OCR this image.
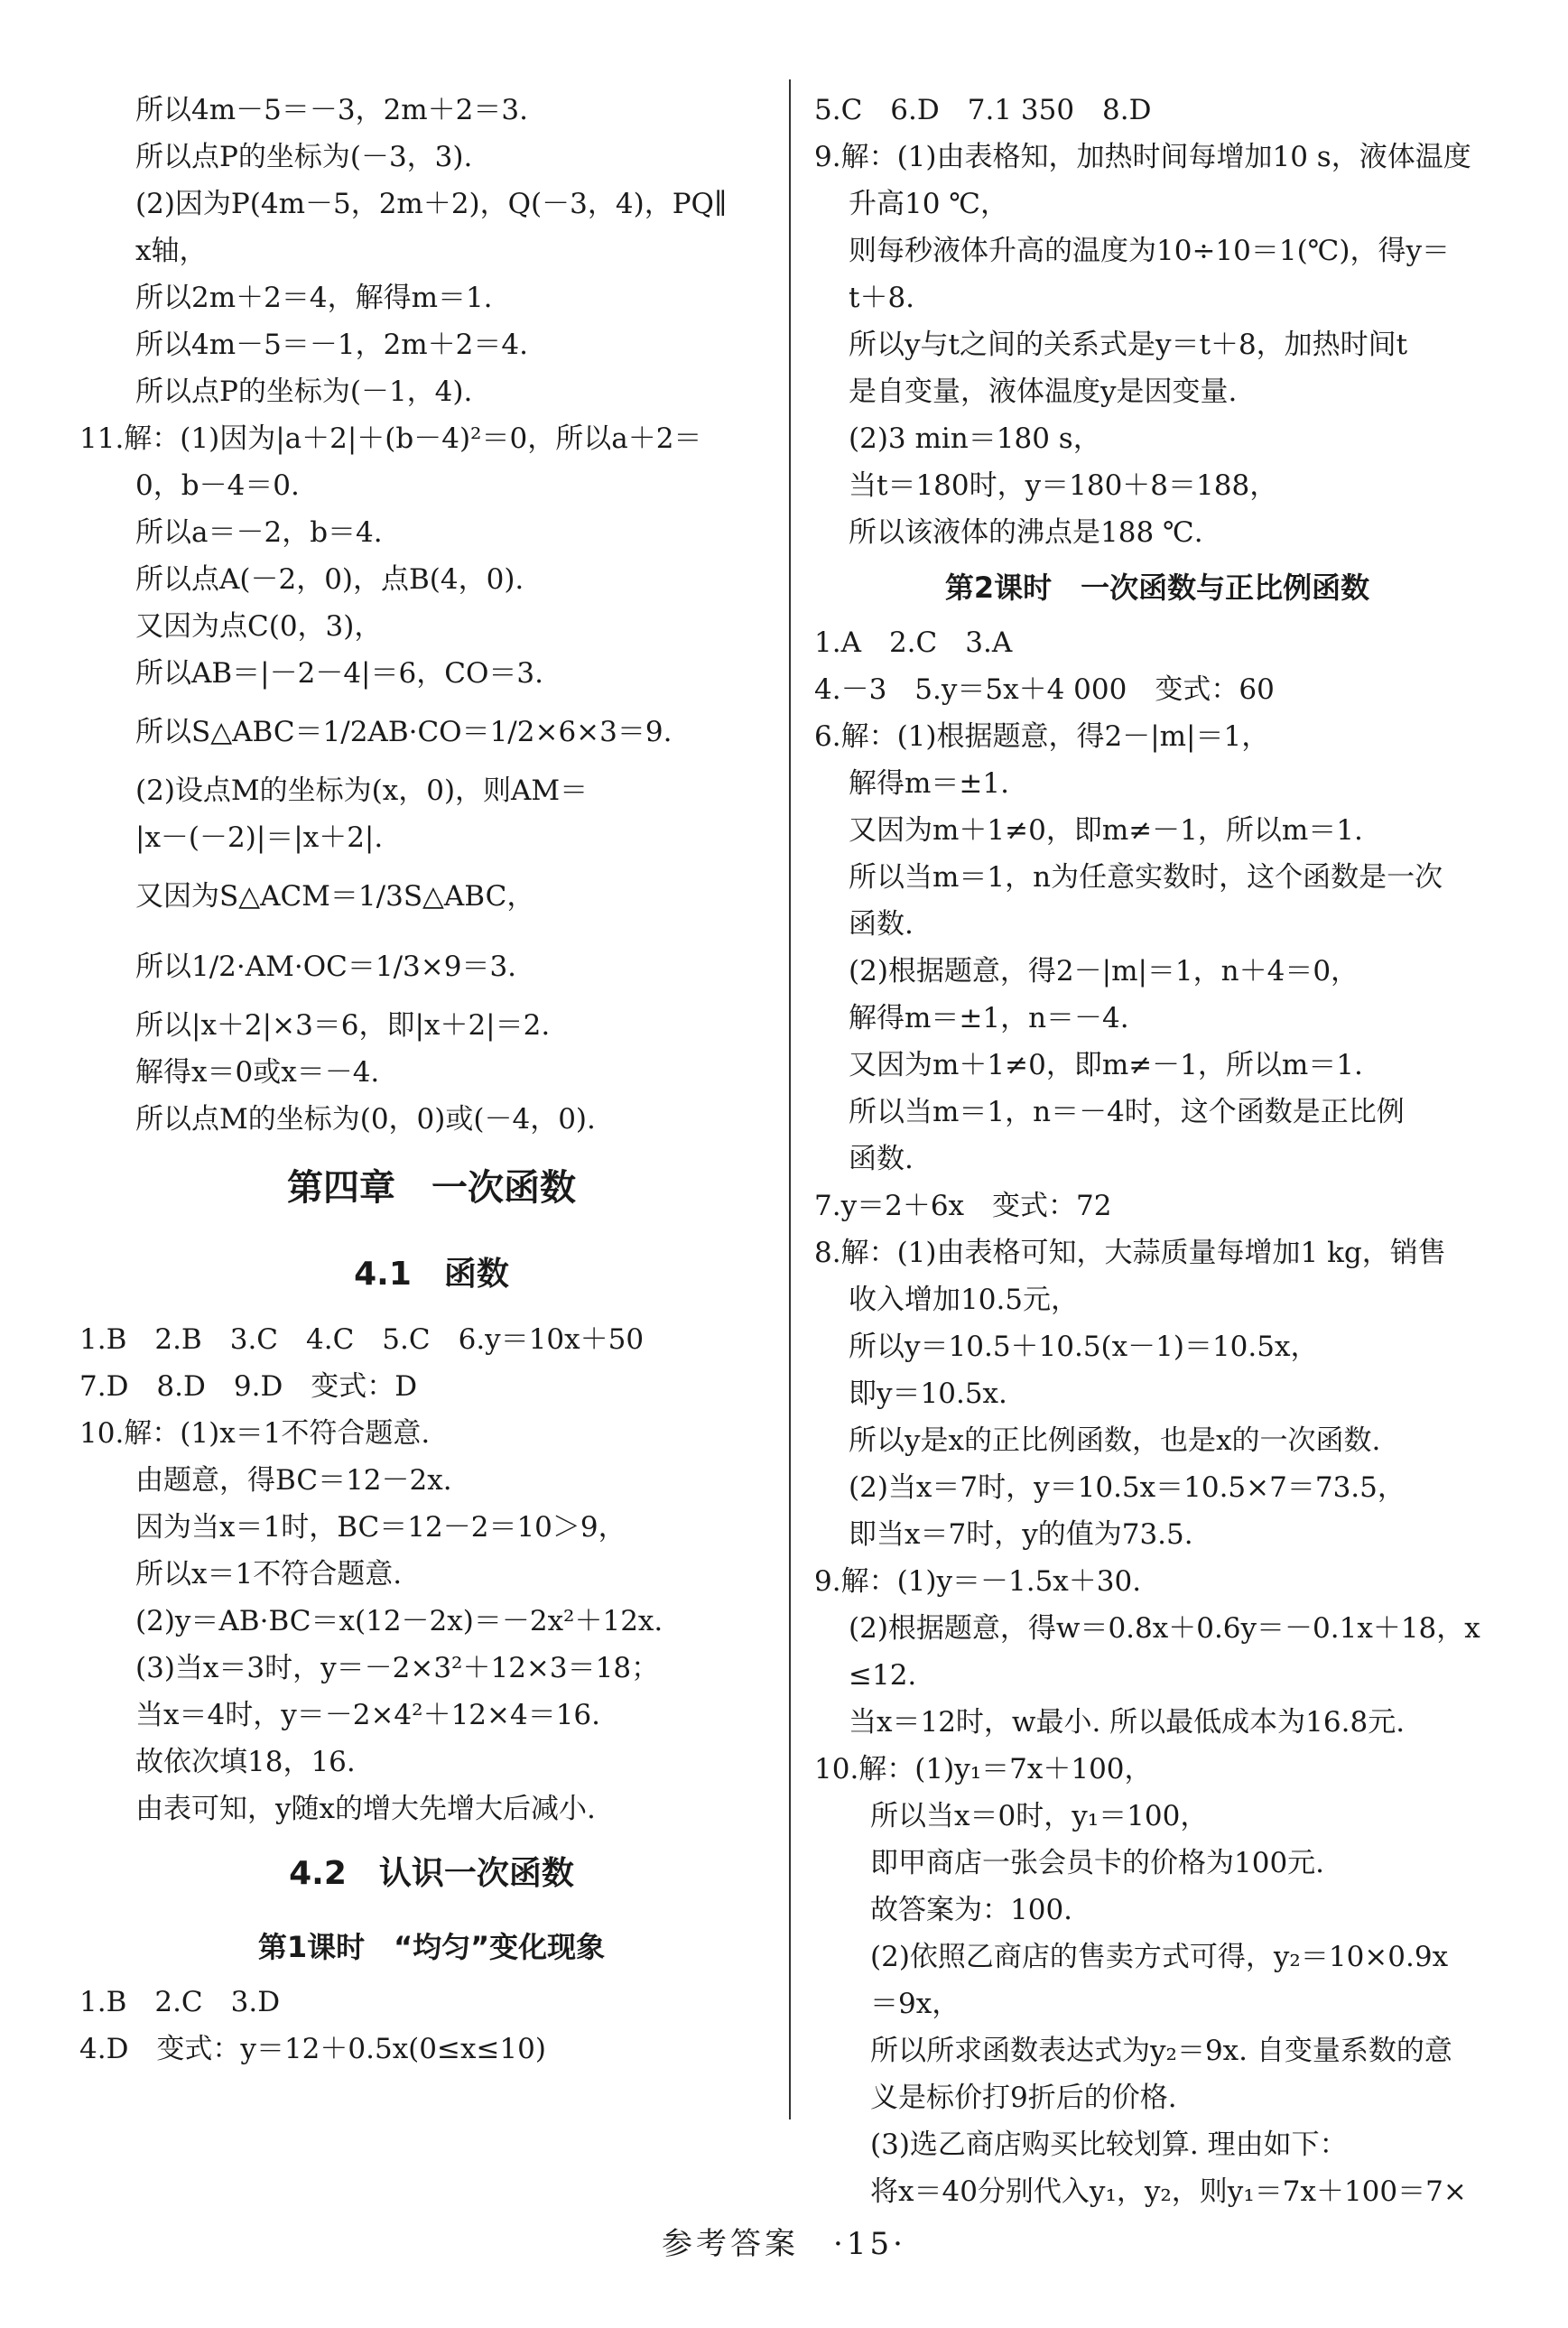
所以4m－5＝－3，2m＋2＝3.
所以点P的坐标为(－3，3).
(2)因为P(4m－5，2m＋2)，Q(－3，4)，PQ∥
x轴，
所以2m＋2＝4，解得m＝1.
所以4m－5＝－1，2m＋2＝4.
所以点P的坐标为(－1，4).
11.解：(1)因为|a＋2|＋(b－4)²＝0，所以a＋2＝
0，b－4＝0.
所以a＝－2，b＝4.
所以点A(－2，0)，点B(4，0).
又因为点C(0，3)，
所以AB＝|－2－4|＝6，CO＝3.
所以S△ABC＝1/2AB·CO＝1/2×6×3＝9.
(2)设点M的坐标为(x，0)，则AM＝
|x－(－2)|＝|x＋2|.
又因为S△ACM＝1/3S△ABC，
所以1/2·AM·OC＝1/3×9＝3.
所以|x＋2|×3＝6，即|x＋2|＝2.
解得x＝0或x＝－4.
所以点M的坐标为(0，0)或(－4，0).
第四章　一次函数
4.1　函数
1.B　2.B　3.C　4.C　5.C　6.y＝10x＋50
7.D　8.D　9.D　变式：D
10.解：(1)x＝1不符合题意.
由题意，得BC＝12－2x.
因为当x＝1时，BC＝12－2＝10＞9，
所以x＝1不符合题意.
(2)y＝AB·BC＝x(12－2x)＝－2x²＋12x.
(3)当x＝3时，y＝－2×3²＋12×3＝18；
当x＝4时，y＝－2×4²＋12×4＝16.
故依次填18，16.
由表可知，y随x的增大先增大后减小.
4.2　认识一次函数
第1课时　“均匀”变化现象
1.B　2.C　3.D
4.D　变式：y＝12＋0.5x(0≤x≤10)
5.C　6.D　7.1 350　8.D
9.解：(1)由表格知，加热时间每增加10 s，液体温度
升高10 ℃，
则每秒液体升高的温度为10÷10＝1(℃)，得y＝
t＋8.
所以y与t之间的关系式是y＝t＋8，加热时间t
是自变量，液体温度y是因变量.
(2)3 min＝180 s，
当t＝180时，y＝180＋8＝188，
所以该液体的沸点是188 ℃.
第2课时　一次函数与正比例函数
1.A　2.C　3.A
4.－3　5.y＝5x＋4 000　变式：60
6.解：(1)根据题意，得2－|m|＝1，
解得m＝±1.
又因为m＋1≠0，即m≠－1，所以m＝1.
所以当m＝1，n为任意实数时，这个函数是一次
函数.
(2)根据题意，得2－|m|＝1，n＋4＝0，
解得m＝±1，n＝－4.
又因为m＋1≠0，即m≠－1，所以m＝1.
所以当m＝1，n＝－4时，这个函数是正比例
函数.
7.y＝2＋6x　变式：72
8.解：(1)由表格可知，大蒜质量每增加1 kg，销售
收入增加10.5元，
所以y＝10.5＋10.5(x－1)＝10.5x，
即y＝10.5x.
所以y是x的正比例函数，也是x的一次函数.
(2)当x＝7时，y＝10.5x＝10.5×7＝73.5，
即当x＝7时，y的值为73.5.
9.解：(1)y＝－1.5x＋30.
(2)根据题意，得w＝0.8x＋0.6y＝－0.1x＋18，x
≤12.
当x＝12时，w最小. 所以最低成本为16.8元.
10.解：(1)y₁＝7x＋100，
所以当x＝0时，y₁＝100，
即甲商店一张会员卡的价格为100元.
故答案为：100.
(2)依照乙商店的售卖方式可得，y₂＝10×0.9x
＝9x，
所以所求函数表达式为y₂＝9x. 自变量系数的意
义是标价打9折后的价格.
(3)选乙商店购买比较划算. 理由如下：
将x＝40分别代入y₁，y₂，则y₁＝7x＋100＝7×
参考答案　·15·
